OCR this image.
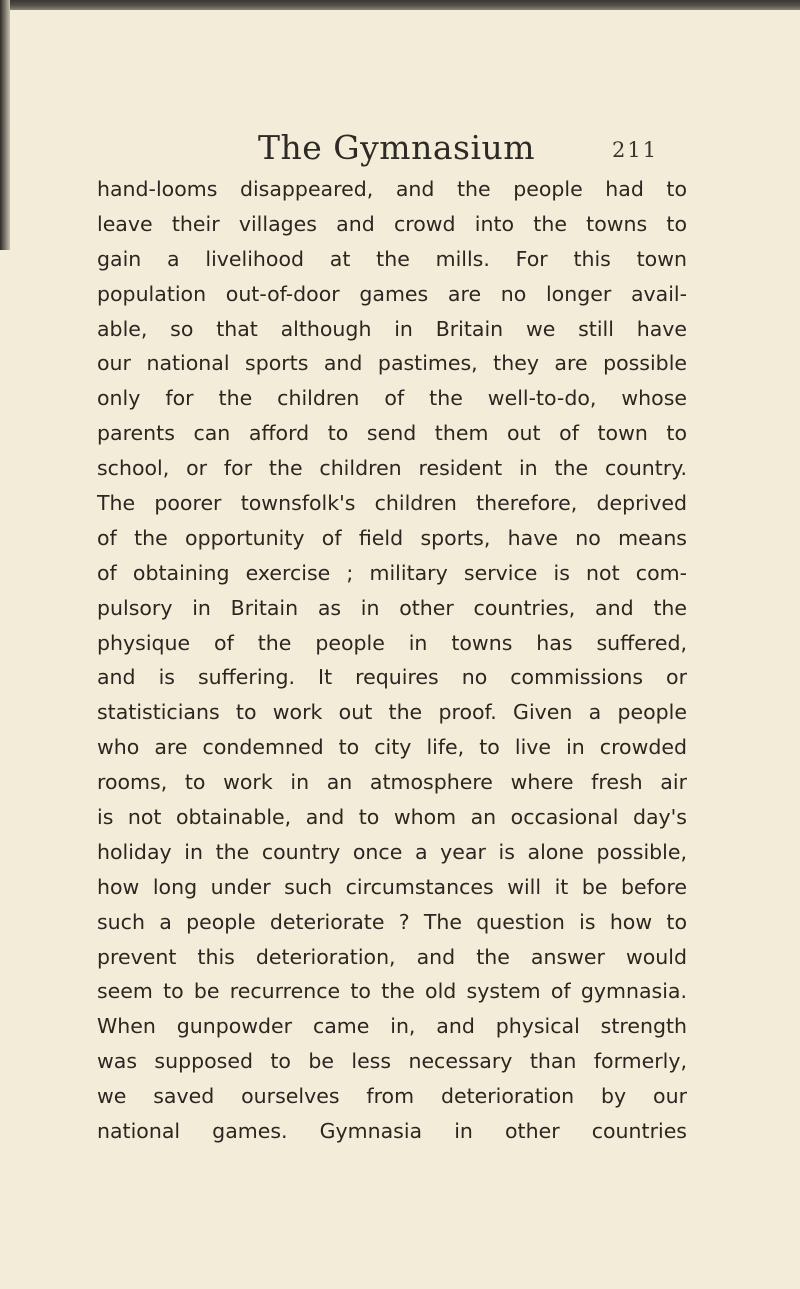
The Gymnasium	211
hand-looms disappeared, and the people had to
leave their villages and crowd into the towns to
gain a livelihood at the mills. For this town
population out-of-door games are no longer avail-
able, so that although in Britain we still have
our national sports and pastimes, they are possible
only for the children of the well-to-do, whose
parents can afford to send them out of town to
school, or for the children resident in the country.
The poorer townsfolk's children therefore, deprived
of the opportunity of field sports, have no means
of obtaining exercise ; military service is not com-
pulsory in Britain as in other countries, and the
physique of the people in towns has suffered,
and is suffering. It requires no commissions or
statisticians to work out the proof. Given a people
who are condemned to city life, to live in crowded
rooms, to work in an atmosphere where fresh air
is not obtainable, and to whom an occasional day's
holiday in the country once a year is alone possible,
how long under such circumstances will it be before
such a people deteriorate ? The question is how to
prevent this deterioration, and the answer would
seem to be recurrence to the old system of gymnasia.
When gunpowder came in, and physical strength
was supposed to be less necessary than formerly,
we saved ourselves from deterioration by our
national games. Gymnasia in other countries
